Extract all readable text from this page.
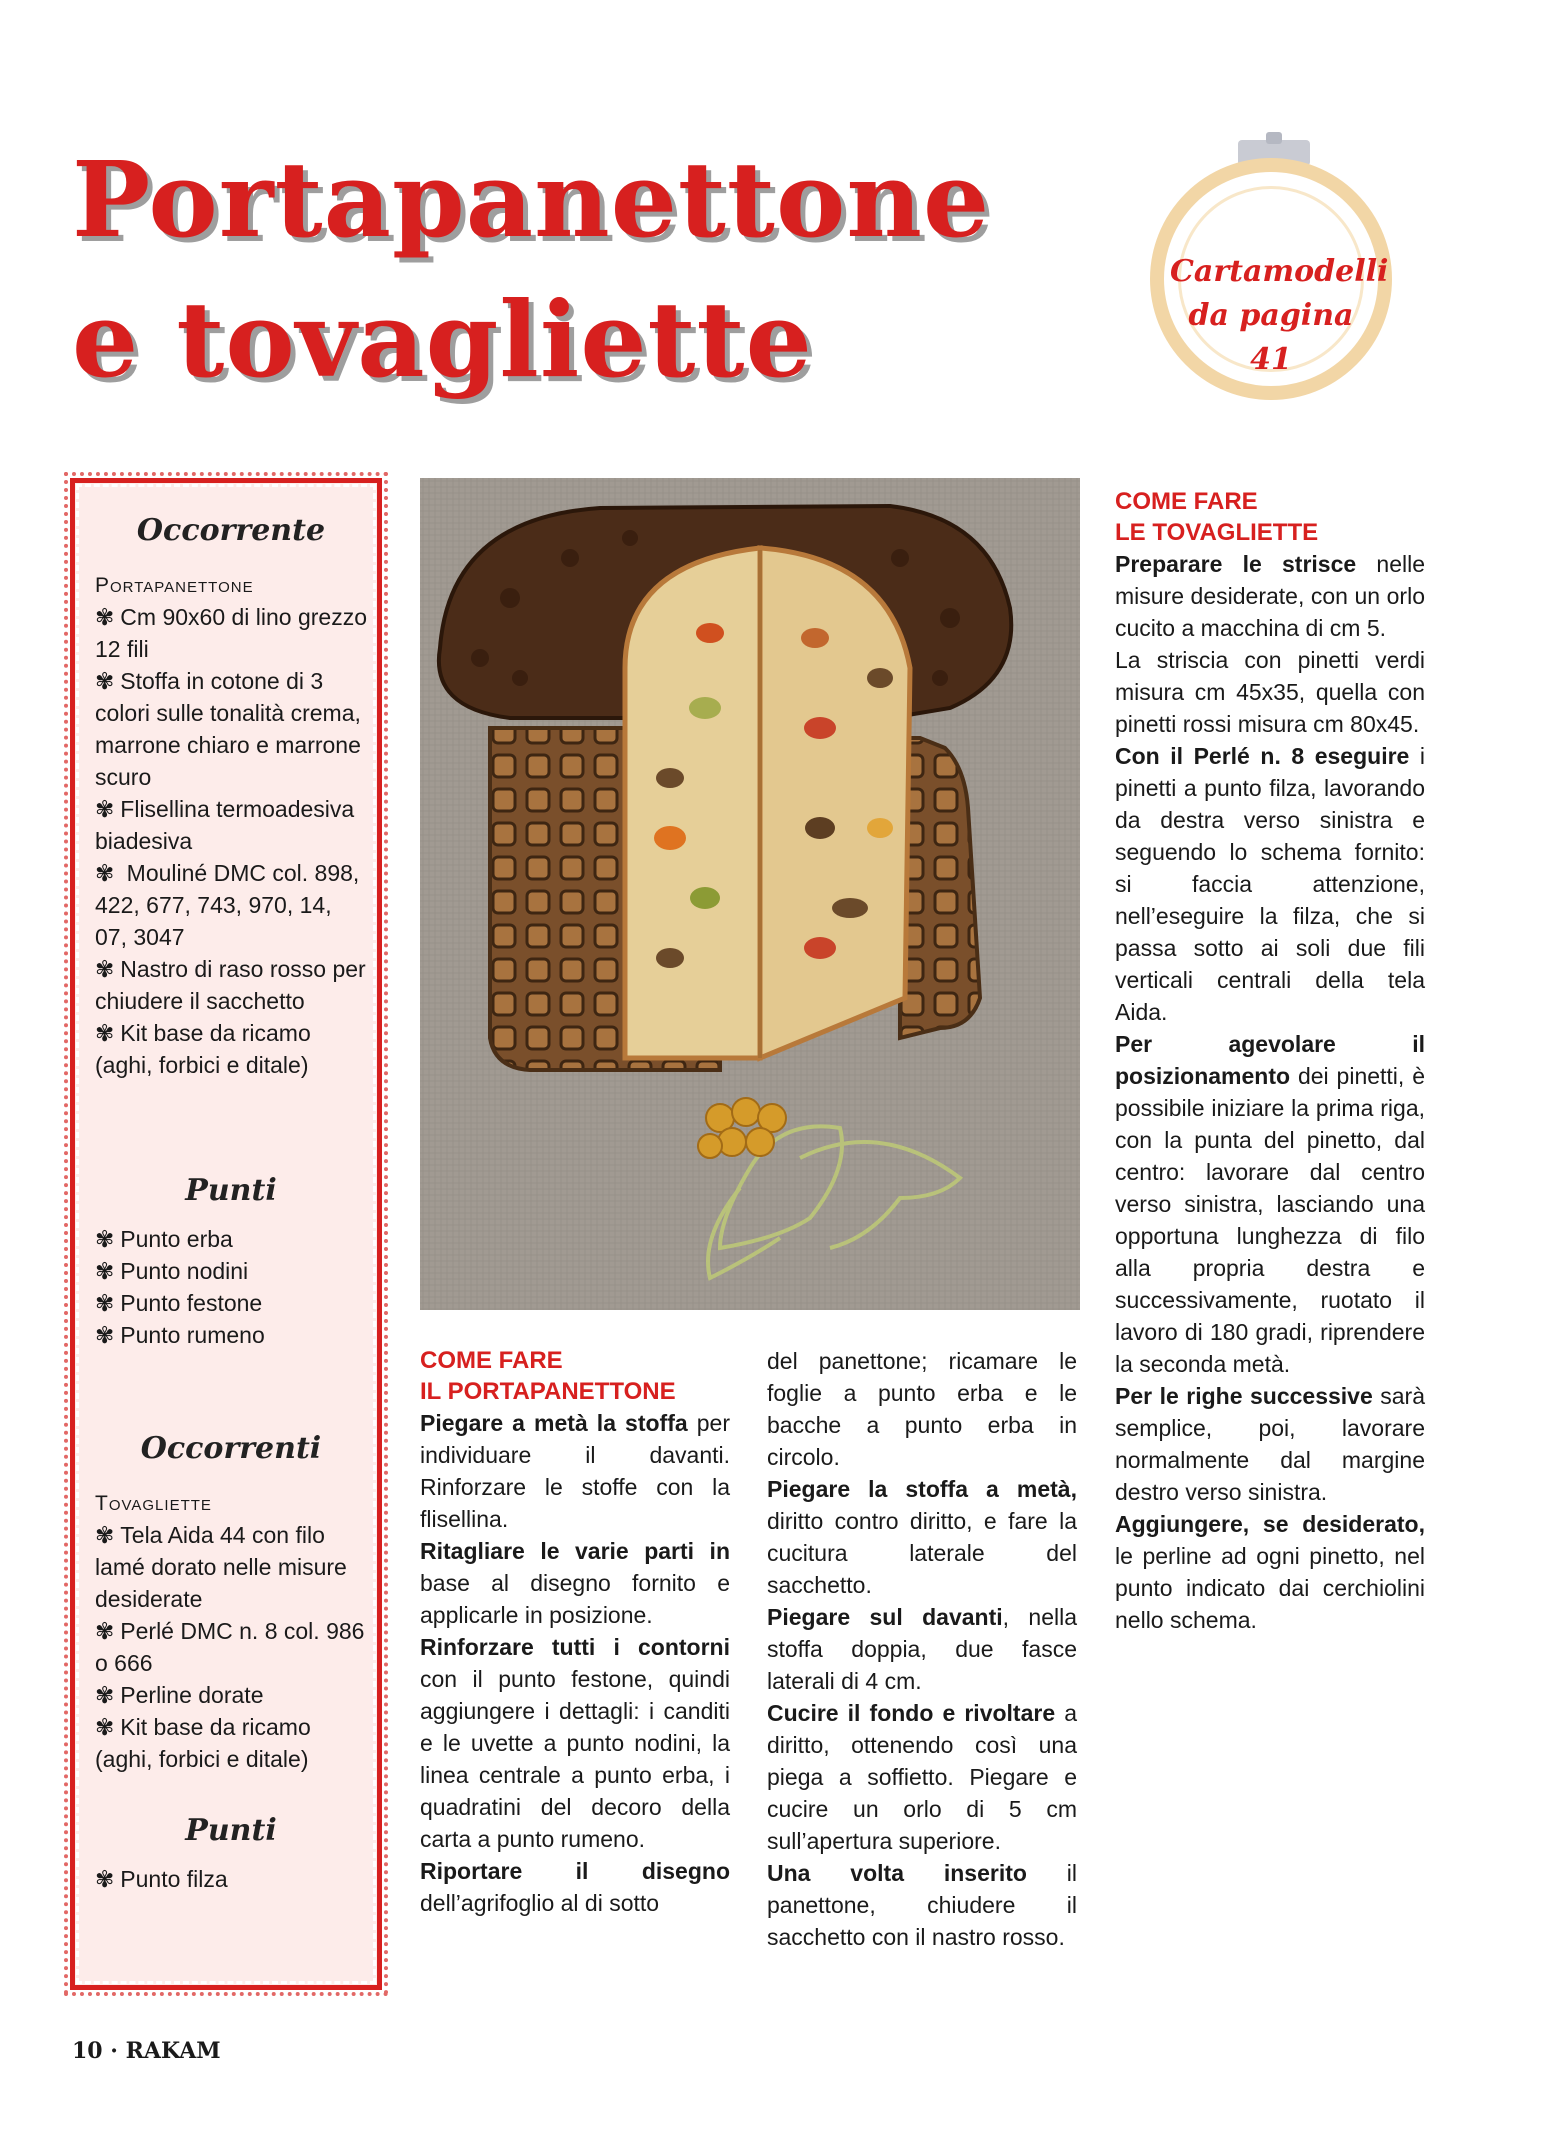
Portapanettone
e tovagliette
Cartamodelli
da pagina 41
Occorrente
Portapanettone
✾ Cm 90x60 di lino grezzo 12 fili
✾ Stoffa in cotone di 3 colori sulle tonalità crema, marrone chiaro e marrone scuro
✾ Flisellina termoadesiva biadesiva
✾ Mouliné DMC col. 898, 422, 677, 743, 970, 14, 07, 3047
✾ Nastro di raso rosso per chiudere il sacchetto
✾ Kit base da ricamo (aghi, forbici e ditale)
Punti
✾ Punto erba
✾ Punto nodini
✾ Punto festone
✾ Punto rumeno
Occorrenti
Tovagliette
✾ Tela Aida 44 con filo lamé dorato nelle misure desiderate
✾ Perlé DMC n. 8 col. 986 o 666
✾ Perline dorate
✾ Kit base da ricamo (aghi, forbici e ditale)
Punti
✾ Punto filza
COME FARE
IL PORTAPANETTONE

Piegare a metà la stoffa per individuare il davanti. Rinforzare le stoffe con la flisellina.

Ritagliare le varie parti in base al disegno fornito e applicarle in posizione.

Rinforzare tutti i contorni con il punto festone, quindi aggiungere i dettagli: i canditi e le uvette a punto nodini, la linea centrale a punto erba, i quadratini del decoro della carta a punto rumeno.

Riportare il disegno dell’agrifoglio al di sotto

del panettone; ricamare le foglie a punto erba e le bacche a punto erba in circolo.

Piegare la stoffa a metà, diritto contro diritto, e fare la cucitura laterale del sacchetto.

Piegare sul davanti, nella stoffa doppia, due fasce laterali di 4 cm.

Cucire il fondo e rivoltare a diritto, ottenendo così una piega a soffietto. Piegare e cucire un orlo di 5 cm sull’apertura superiore.

Una volta inserito il panettone, chiudere il sacchetto con il nastro rosso.

COME FARE
LE TOVAGLIETTE

Preparare le strisce nelle misure desiderate, con un orlo cucito a macchina di cm 5.

La striscia con pinetti verdi misura cm 45x35, quella con pinetti rossi misura cm 80x45.

Con il Perlé n. 8 eseguire i pinetti a punto filza, lavorando da destra verso sinistra e seguendo lo schema fornito: si faccia attenzione, nell’eseguire la filza, che si passa sotto ai soli due fili verticali centrali della tela Aida.

Per agevolare il posizionamento dei pinetti, è possibile iniziare la prima riga, con la punta del pinetto, dal centro: lavorare dal centro verso sinistra, lasciando una opportuna lunghezza di filo alla propria destra e successivamente, ruotato il lavoro di 180 gradi, riprendere la seconda metà.

Per le righe successive sarà semplice, poi, lavorare normalmente dal margine destro verso sinistra.

Aggiungere, se desiderato, le perline ad ogni pinetto, nel punto indicato dai cerchiolini nello schema.

10 · RAKAM
